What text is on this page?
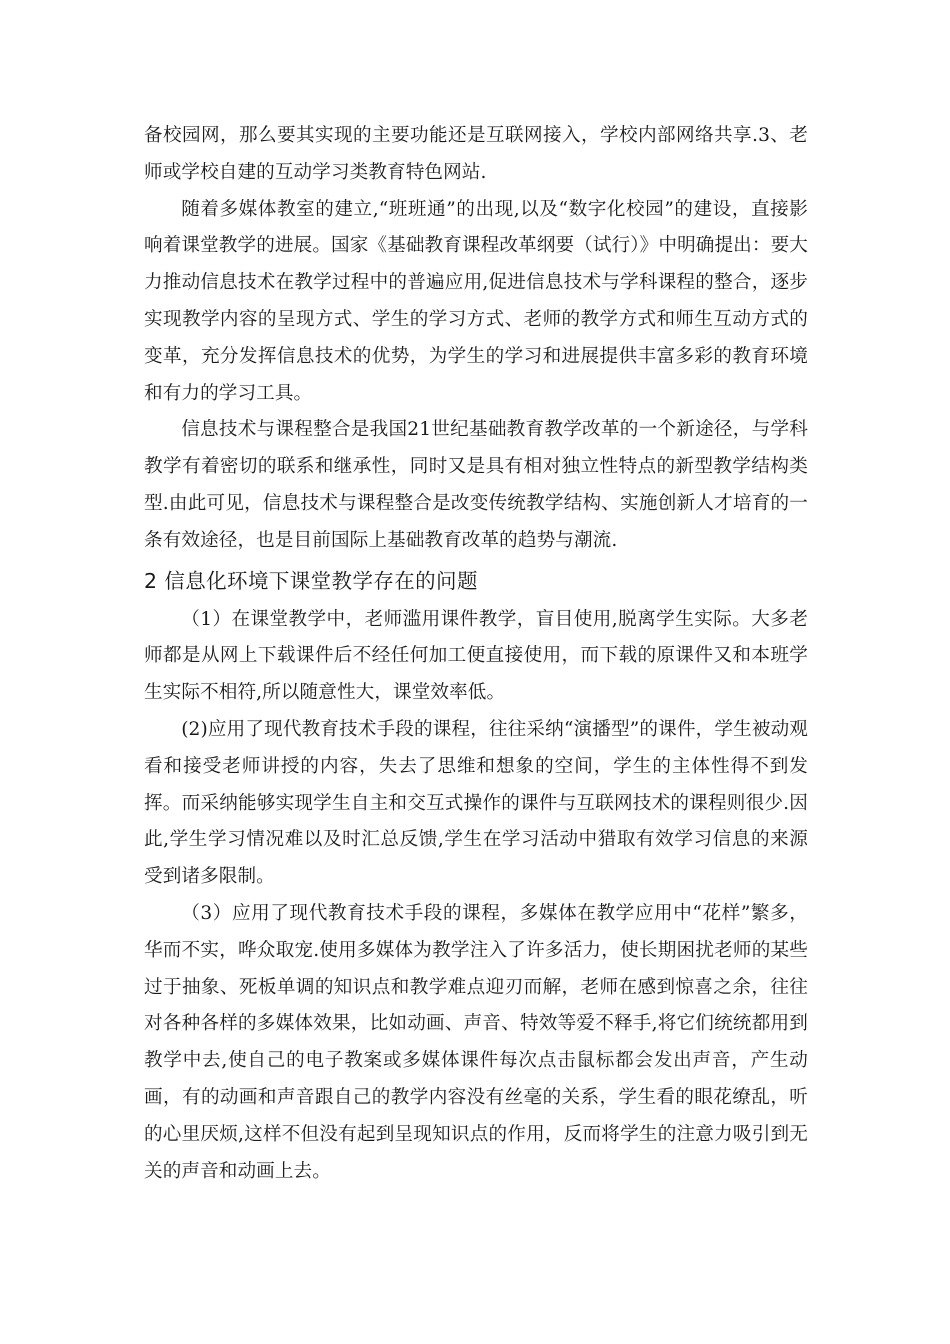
备校园网，那么要其实现的主要功能还是互联网接入，学校内部网络共享.3、老师或学校自建的互动学习类教育特色网站.

随着多媒体教室的建立,“班班通”的出现,以及“数字化校园”的建设，直接影响着课堂教学的进展。国家《基础教育课程改革纲要（试行）》中明确提出：要大力推动信息技术在教学过程中的普遍应用,促进信息技术与学科课程的整合，逐步实现教学内容的呈现方式、学生的学习方式、老师的教学方式和师生互动方式的变革，充分发挥信息技术的优势，为学生的学习和进展提供丰富多彩的教育环境和有力的学习工具。

信息技术与课程整合是我国21世纪基础教育教学改革的一个新途径，与学科教学有着密切的联系和继承性，同时又是具有相对独立性特点的新型教学结构类型.由此可见，信息技术与课程整合是改变传统教学结构、实施创新人才培育的一条有效途径，也是目前国际上基础教育改革的趋势与潮流.

2 信息化环境下课堂教学存在的问题

（1）在课堂教学中，老师滥用课件教学，盲目使用,脱离学生实际。大多老师都是从网上下载课件后不经任何加工便直接使用，而下载的原课件又和本班学生实际不相符,所以随意性大，课堂效率低。

(2)应用了现代教育技术手段的课程，往往采纳“演播型”的课件，学生被动观看和接受老师讲授的内容，失去了思维和想象的空间，学生的主体性得不到发挥。而采纳能够实现学生自主和交互式操作的课件与互联网技术的课程则很少.因此,学生学习情况难以及时汇总反馈,学生在学习活动中猎取有效学习信息的来源受到诸多限制。

（3）应用了现代教育技术手段的课程，多媒体在教学应用中“花样”繁多，华而不实，哗众取宠.使用多媒体为教学注入了许多活力，使长期困扰老师的某些过于抽象、死板单调的知识点和教学难点迎刃而解，老师在感到惊喜之余，往往对各种各样的多媒体效果，比如动画、声音、特效等爱不释手,将它们统统都用到教学中去,使自己的电子教案或多媒体课件每次点击鼠标都会发出声音，产生动画，有的动画和声音跟自己的教学内容没有丝毫的关系，学生看的眼花缭乱，听的心里厌烦,这样不但没有起到呈现知识点的作用，反而将学生的注意力吸引到无关的声音和动画上去。
